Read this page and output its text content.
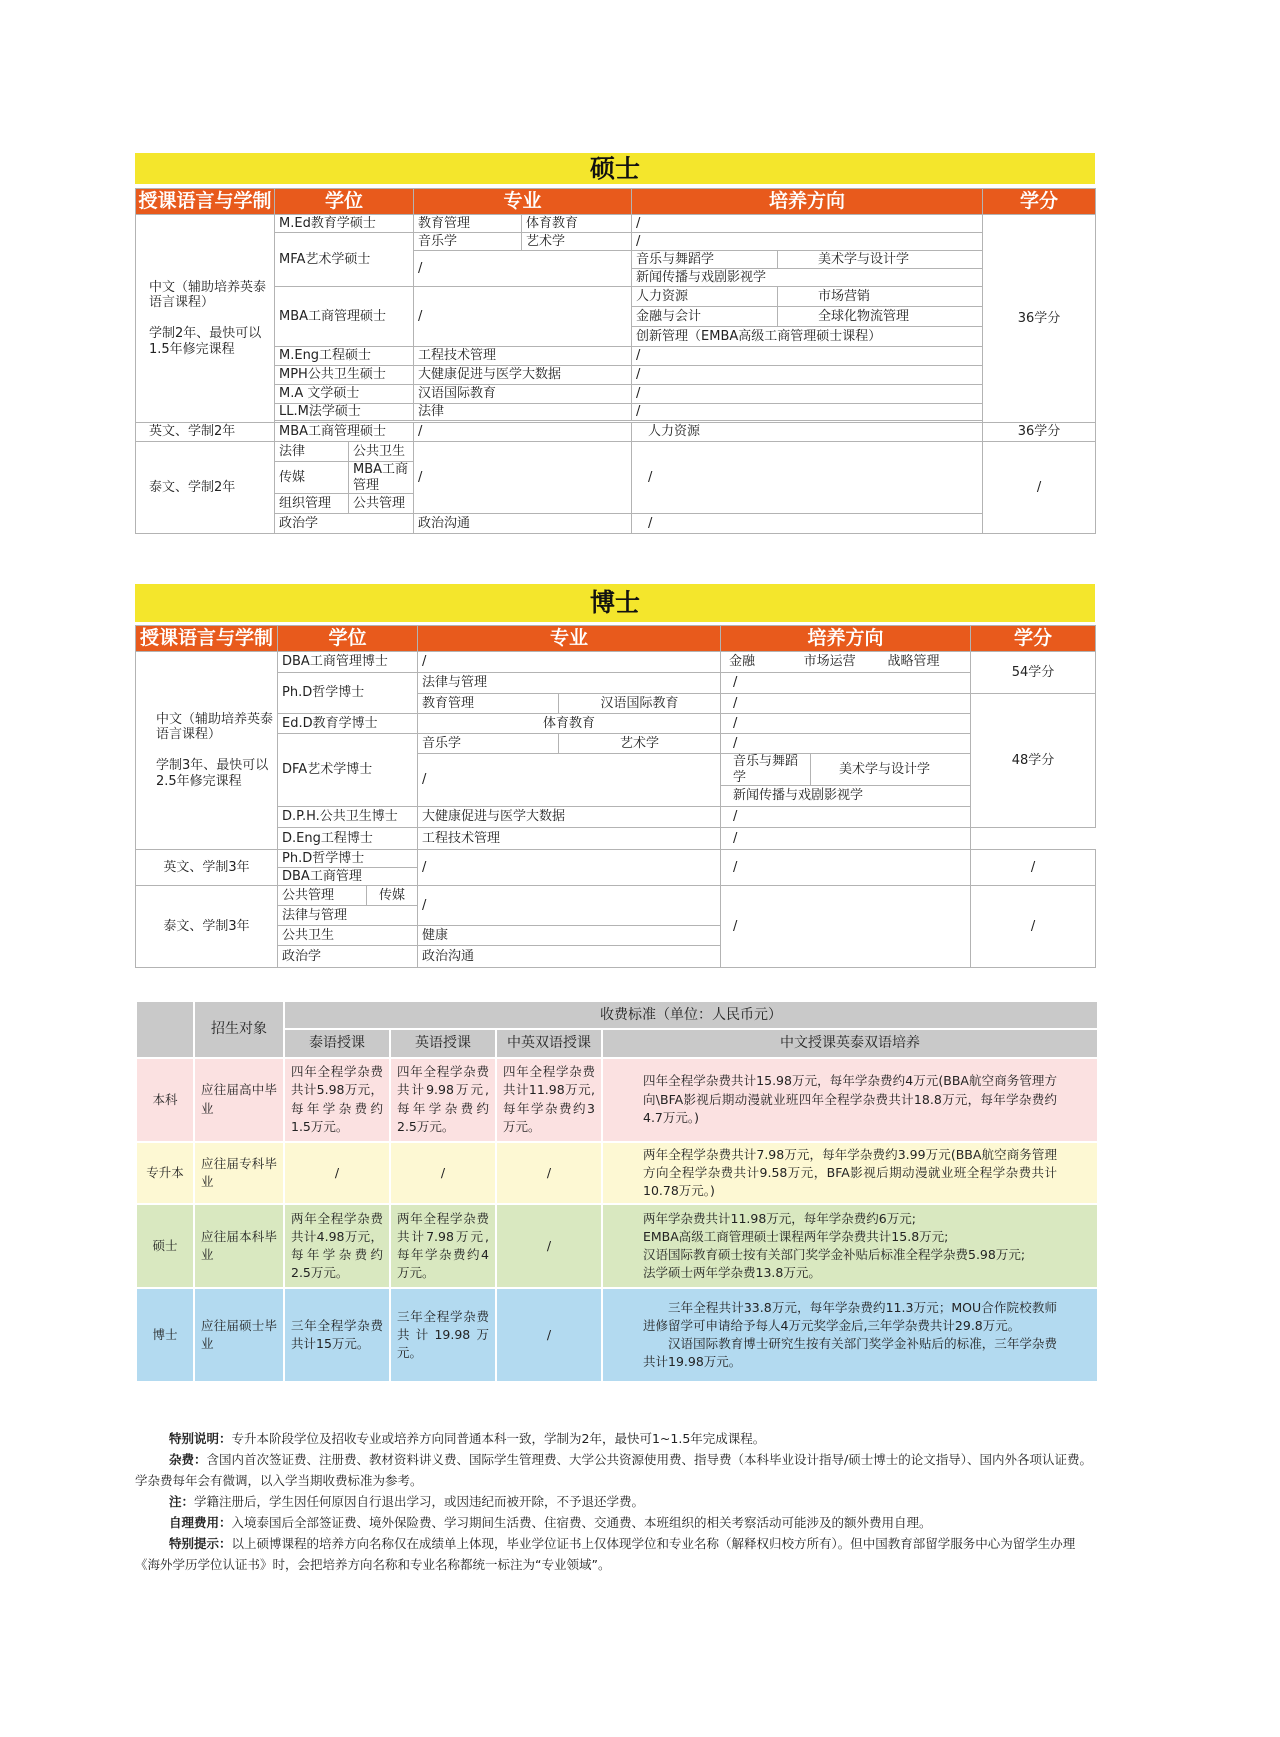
硕士
授课语言与学制	学位		专业		培养方向		学分

中文（辅助培养英泰语言课程）

学制2年、最快可以1.5年修完课程	M.Ed教育学硕士		教育管理	体育教育	/		36学分
	MFA艺术学硕士		音乐学	艺术学	/		
			/		音乐与舞蹈学	美术学与设计学	
					新闻传播与戏剧影视学		
	MBA工商管理硕士		/		人力资源	市场营销	
					金融与会计	全球化物流管理	
					创新管理（EMBA高级工商管理硕士课程）		
	M.Eng工程硕士		工程技术管理		/		
	MPH公共卫生硕士		大健康促进与医学大数据		/		
	M.A 文学硕士		汉语国际教育		/		
	LL.M法学硕士		法律		/		

英文、学制2年	MBA工商管理硕士		/		人力资源		36学分
泰文、学制2年	法律	公共卫生	/		/		/
	传媒	MBA工商管理					
	组织管理	公共管理					
	政治学		政治沟通		/		
博士
授课语言与学制	学位		专业		培养方向		学分

中文（辅助培养英泰语言课程）

学制3年、最快可以2.5年修完课程	DBA工商管理博士		/		金融 市场运营 战略管理		54学分
	Ph.D哲学博士		法律与管理		/		
			教育管理	汉语国际教育	/		48学分
	Ed.D教育学博士		体育教育		/		
	DFA艺术学博士		音乐学	艺术学	/		
			/		音乐与舞蹈学	美术学与设计学	
					新闻传播与戏剧影视学		
	D.P.H.公共卫生博士		大健康促进与医学大数据		/		
	D.Eng工程博士		工程技术管理		/		
英文、学制3年	Ph.D哲学博士		/		/		/
	DBA工商管理						
泰文、学制3年	公共管理	传媒	/		/		/
	法律与管理						
	公共卫生		健康				
	政治学		政治沟通				
	招生对象	收费标准（单位：人民币元）			
		泰语授课	英语授课	中英双语授课	中文授课英泰双语培养
本科	应往届高中毕业	四年全程学杂费共计5.98万元，每年学杂费约1.5万元。	四年全程学杂费共计9.98万元,每年学杂费约2.5万元。	四年全程学杂费共计11.98万元,每年学杂费约3万元。	四年全程学杂费共计15.98万元，每年学杂费约4万元(BBA航空商务管理方向\BFA影视后期动漫就业班四年全程学杂费共计18.8万元，每年学杂费约4.7万元。)
专升本	应往届专科毕业	/	/	/	两年全程学杂费共计7.98万元，每年学杂费约3.99万元(BBA航空商务管理方向全程学杂费共计9.58万元，BFA影视后期动漫就业班全程学杂费共计10.78万元。)
硕士	应往届本科毕业	两年全程学杂费共计4.98万元，每年学杂费约2.5万元。	两年全程学杂费共计7.98万元,每年学杂费约4万元。	/	两年学杂费共计11.98万元，每年学杂费约6万元;
EMBA高级工商管理硕士课程两年学杂费共计15.8万元;
汉语国际教育硕士按有关部门奖学金补贴后标准全程学杂费5.98万元;
法学硕士两年学杂费13.8万元。

博士	应往届硕士毕业	三年全程学杂费共计15万元。	三年全程学杂费共计19.98万元。	/	三年全程共计33.8万元，每年学杂费约11.3万元；MOU合作院校教师进修留学可申请给予每人4万元奖学金后,三年学杂费共计29.8万元。
汉语国际教育博士研究生按有关部门奖学金补贴后的标准，三年学杂费共计19.98万元。

特别说明：专升本阶段学位及招收专业或培养方向同普通本科一致，学制为2年，最快可1~1.5年完成课程。

杂费：含国内首次签证费、注册费、教材资料讲义费、国际学生管理费、大学公共资源使用费、指导费（本科毕业设计指导/硕士博士的论文指导）、国内外各项认证费。学杂费每年会有微调，以入学当期收费标准为参考。

注：学籍注册后，学生因任何原因自行退出学习，或因违纪而被开除，不予退还学费。

自理费用：入境泰国后全部签证费、境外保险费、学习期间生活费、住宿费、交通费、本班组织的相关考察活动可能涉及的额外费用自理。

特别提示：以上硕博课程的培养方向名称仅在成绩单上体现，毕业学位证书上仅体现学位和专业名称（解释权归校方所有）。但中国教育部留学服务中心为留学生办理《海外学历学位认证书》时，会把培养方向名称和专业名称都统一标注为“专业领域”。
